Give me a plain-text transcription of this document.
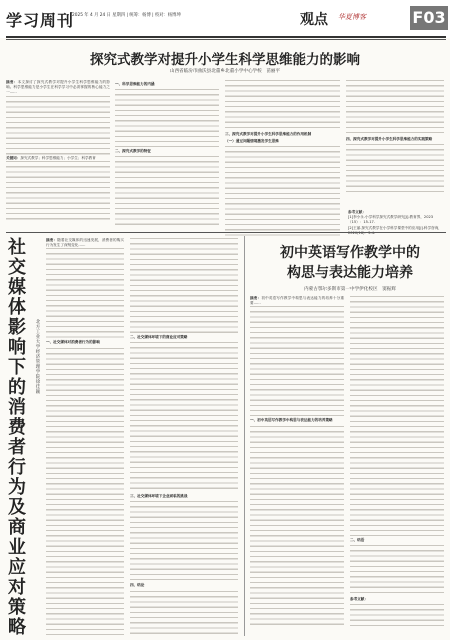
学习周刊
2025 年 4 月 24 日 星期四 | 统筹：杨博 | 校对：杨博坤	观点 华夏博客	F03
探究式教学对提升小学生科学思维能力的影响
山西省临汾市曲沃县北董乡北董小学中心学校　苗丽平
摘要：本文探讨了探究式教学对提升小学生科学思维能力的影响。科学思维能力是小学生在科学学习中必须掌握的核心能力之一……
关键词：探究式教学；科学思维能力；小学生；科学教育
一、科学思维能力的内涵
二、探究式教学的特征
三、探究式教学对提升小学生科学思维能力的作用机制
（一）通过问题情境激发学生思维
四、探究式教学对提升小学生科学思维能力的实践策略
参考文献：
[1]李小永.小学科学探究式教学研究[J].教育界，2023（15）：15-17.
[2]王丽.探究式教学在小学科学课堂中的应用[J].科学咨询，
社交媒体影响下的
消费者行为及商业应对策略
北方工业大学经济管理学院　徐佳颖
摘要：随着社交媒体的迅速发展，消费者的购买行为发生了深刻变化……
一、社交媒体对消费者行为的影响
二、社交媒体环境下的商业应对策略
三、社交媒体环境下企业面临的挑战
四、结论
初中英语写作教学中的
构思与表达能力培养
内蒙古鄂尔多斯市第一中学伊化校区　窦振辉
摘要：初中英语写作教学中构思与表达能力的培养十分重要……
一、初中英语写作教学中构思与表达能力的培养策略
二、结语
参考文献：
